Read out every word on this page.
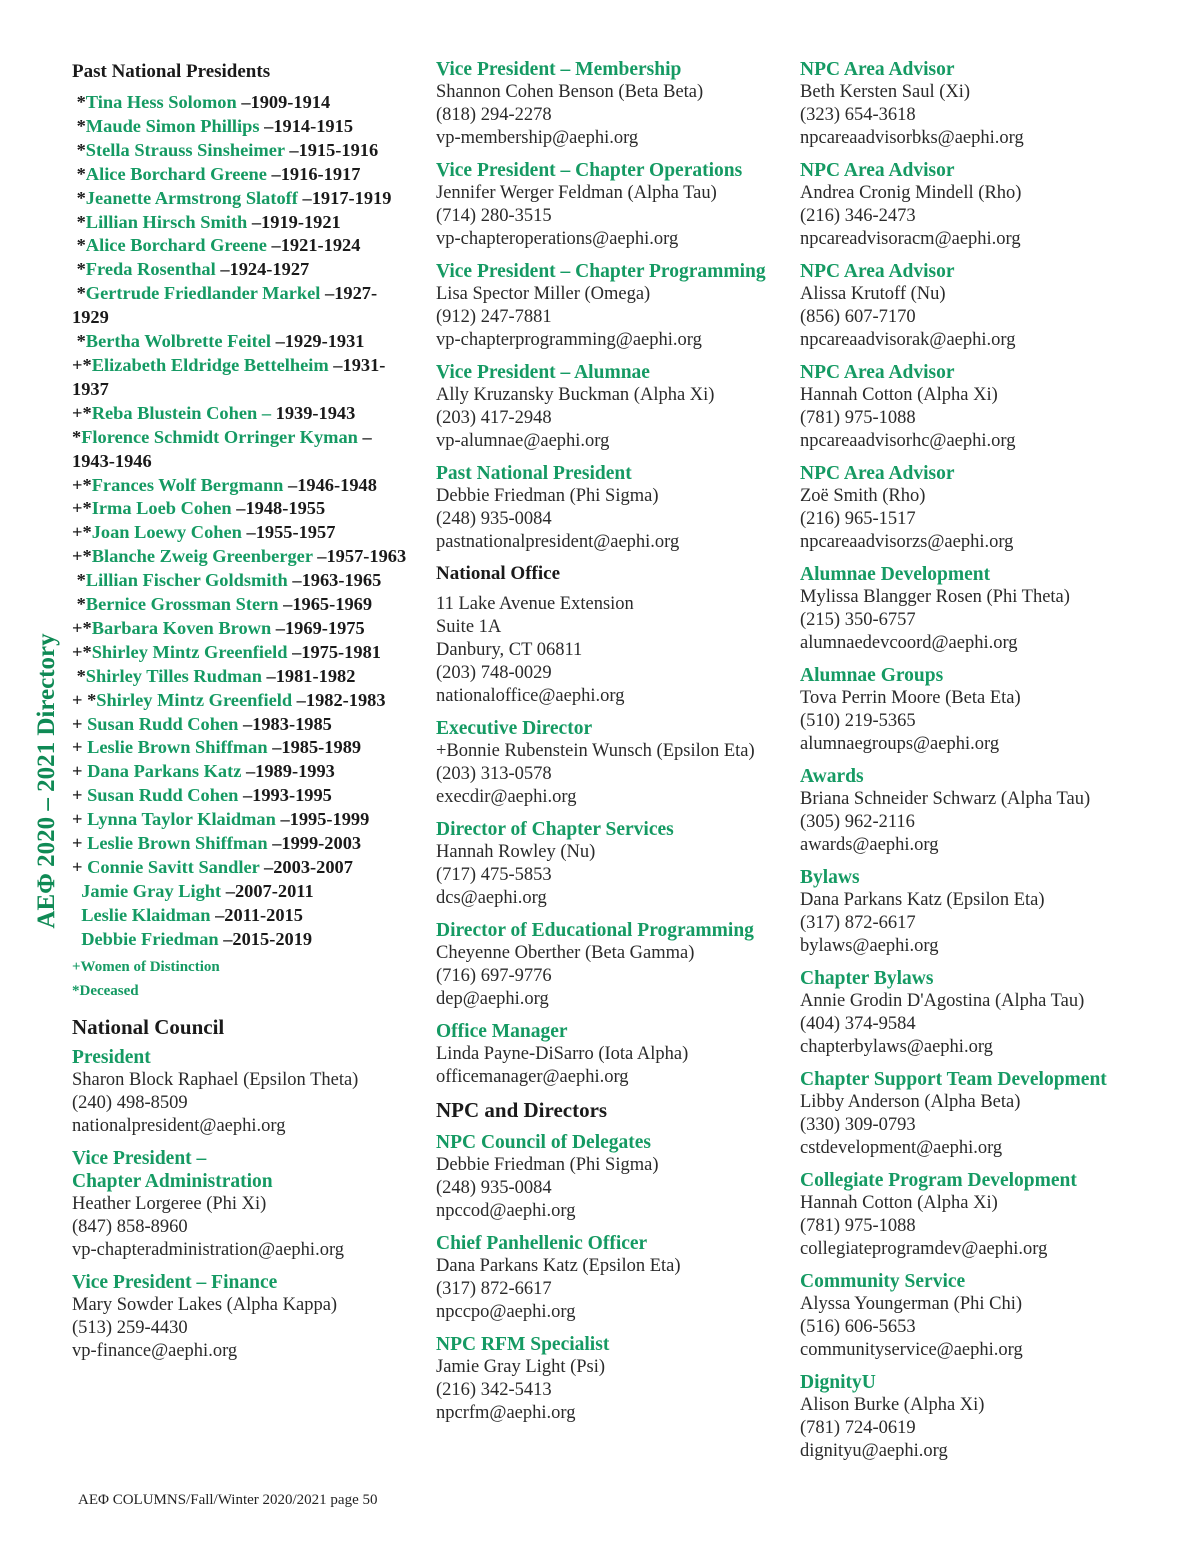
ΑΕΦ 2020 – 2021 Directory
Past National Presidents
*Tina Hess Solomon –1909-1914
*Maude Simon Phillips –1914-1915
*Stella Strauss Sinsheimer –1915-1916
*Alice Borchard Greene –1916-1917
*Jeanette Armstrong Slatoff –1917-1919
*Lillian Hirsch Smith –1919-1921
*Alice Borchard Greene –1921-1924
*Freda Rosenthal –1924-1927
*Gertrude Friedlander Markel –1927-1929
*Bertha Wolbrette Feitel –1929-1931
+*Elizabeth Eldridge Bettelheim –1931-1937
+*Reba Blustein Cohen – 1939-1943
*Florence Schmidt Orringer Kyman –1943-1946
+*Frances Wolf Bergmann –1946-1948
+*Irma Loeb Cohen –1948-1955
+*Joan Loewy Cohen –1955-1957
+*Blanche Zweig Greenberger –1957-1963
*Lillian Fischer Goldsmith –1963-1965
*Bernice Grossman Stern –1965-1969
+*Barbara Koven Brown –1969-1975
+*Shirley Mintz Greenfield –1975-1981
*Shirley Tilles Rudman –1981-1982
+ *Shirley Mintz Greenfield –1982-1983
+ Susan Rudd Cohen –1983-1985
+ Leslie Brown Shiffman –1985-1989
+ Dana Parkans Katz –1989-1993
+ Susan Rudd Cohen –1993-1995
+ Lynna Taylor Klaidman –1995-1999
+ Leslie Brown Shiffman –1999-2003
+ Connie Savitt Sandler –2003-2007
Jamie Gray Light –2007-2011
Leslie Klaidman –2011-2015
Debbie Friedman –2015-2019
+Women of Distinction
*Deceased
National Council
President
Sharon Block Raphael (Epsilon Theta)
(240) 498-8509
nationalpresident@aephi.org
Vice President –
Chapter Administration
Heather Lorgeree (Phi Xi)
(847) 858-8960
vp-chapteradministration@aephi.org
Vice President – Finance
Mary Sowder Lakes (Alpha Kappa)
(513) 259-4430
vp-finance@aephi.org
Vice President – Membership
Shannon Cohen Benson (Beta Beta)
(818) 294-2278
vp-membership@aephi.org
Vice President – Chapter Operations
Jennifer Werger Feldman (Alpha Tau)
(714) 280-3515
vp-chapteroperations@aephi.org
Vice President – Chapter Programming
Lisa Spector Miller (Omega)
(912) 247-7881
vp-chapterprogramming@aephi.org
Vice President – Alumnae
Ally Kruzansky Buckman (Alpha Xi)
(203) 417-2948
vp-alumnae@aephi.org
Past National President
Debbie Friedman (Phi Sigma)
(248) 935-0084
pastnationalpresident@aephi.org
National Office
11 Lake Avenue Extension
Suite 1A
Danbury, CT 06811
(203) 748-0029
nationaloffice@aephi.org
Executive Director
+Bonnie Rubenstein Wunsch (Epsilon Eta)
(203) 313-0578
execdir@aephi.org
Director of Chapter Services
Hannah Rowley (Nu)
(717) 475-5853
dcs@aephi.org
Director of Educational Programming
Cheyenne Oberther (Beta Gamma)
(716) 697-9776
dep@aephi.org
Office Manager
Linda Payne-DiSarro (Iota Alpha)
officemanager@aephi.org
NPC and Directors
NPC Council of Delegates
Debbie Friedman (Phi Sigma)
(248) 935-0084
npccod@aephi.org
Chief Panhellenic Officer
Dana Parkans Katz (Epsilon Eta)
(317) 872-6617
npccpo@aephi.org
NPC RFM Specialist
Jamie Gray Light (Psi)
(216) 342-5413
npcrfm@aephi.org
NPC Area Advisor
Beth Kersten Saul (Xi)
(323) 654-3618
npcareaadvisorbks@aephi.org
NPC Area Advisor
Andrea Cronig Mindell (Rho)
(216) 346-2473
npcareadvisoracm@aephi.org
NPC Area Advisor
Alissa Krutoff (Nu)
(856) 607-7170
npcareaadvisorak@aephi.org
NPC Area Advisor
Hannah Cotton (Alpha Xi)
(781) 975-1088
npcareaadvisorhc@aephi.org
NPC Area Advisor
Zoë Smith (Rho)
(216) 965-1517
npcareaadvisorzs@aephi.org
Alumnae Development
Mylissa Blangger Rosen (Phi Theta)
(215) 350-6757
alumnaedevcoord@aephi.org
Alumnae Groups
Tova Perrin Moore (Beta Eta)
(510) 219-5365
alumnaegroups@aephi.org
Awards
Briana Schneider Schwarz (Alpha Tau)
(305) 962-2116
awards@aephi.org
Bylaws
Dana Parkans Katz (Epsilon Eta)
(317) 872-6617
bylaws@aephi.org
Chapter Bylaws
Annie Grodin D'Agostina (Alpha Tau)
(404) 374-9584
chapterbylaws@aephi.org
Chapter Support Team Development
Libby Anderson (Alpha Beta)
(330) 309-0793
cstdevelopment@aephi.org
Collegiate Program Development
Hannah Cotton (Alpha Xi)
(781) 975-1088
collegiateprogramdev@aephi.org
Community Service
Alyssa Youngerman (Phi Chi)
(516) 606-5653
communityservice@aephi.org
DignityU
Alison Burke (Alpha Xi)
(781) 724-0619
dignityu@aephi.org
ΑΕΦ COLUMNS/Fall/Winter 2020/2021 page 50
